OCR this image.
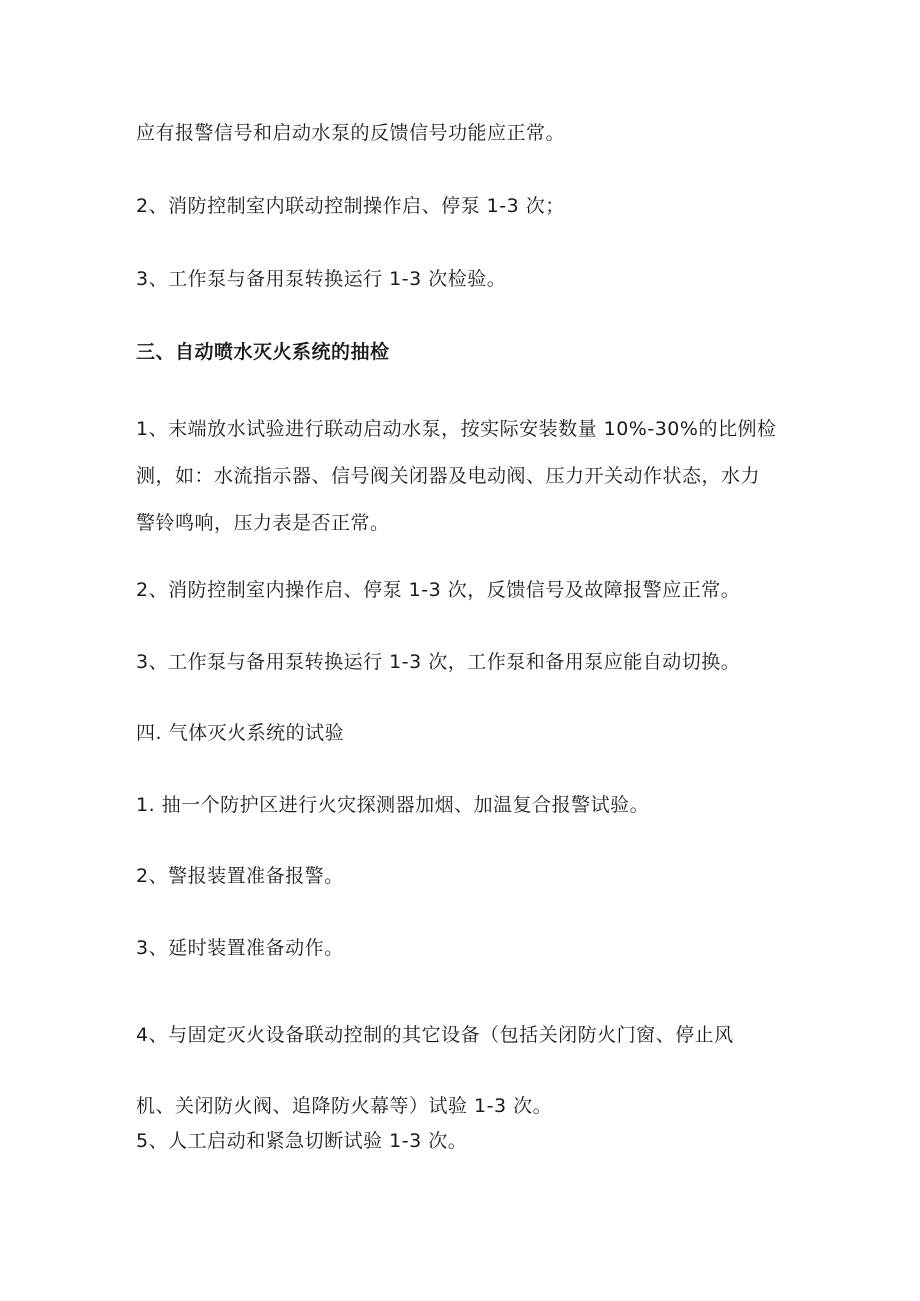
应有报警信号和启动水泵的反馈信号功能应正常。
2、消防控制室内联动控制操作启、停泵 1-3 次；
3、工作泵与备用泵转换运行 1-3 次检验。
三、自动喷水灭火系统的抽检
1、末端放水试验进行联动启动水泵，按实际安装数量 10%-30%的比例检
测，如：水流指示器、信号阀关闭器及电动阀、压力开关动作状态，水力
警铃鸣响，压力表是否正常。
2、消防控制室内操作启、停泵 1-3 次，反馈信号及故障报警应正常。
3、工作泵与备用泵转换运行 1-3 次，工作泵和备用泵应能自动切换。
四. 气体灭火系统的试验
1. 抽一个防护区进行火灾探测器加烟、加温复合报警试验。
2、警报装置准备报警。
3、延时装置准备动作。
4、与固定灭火设备联动控制的其它设备（包括关闭防火门窗、停止风
机、关闭防火阀、追降防火幕等）试验 1-3 次。
5、人工启动和紧急切断试验 1-3 次。
